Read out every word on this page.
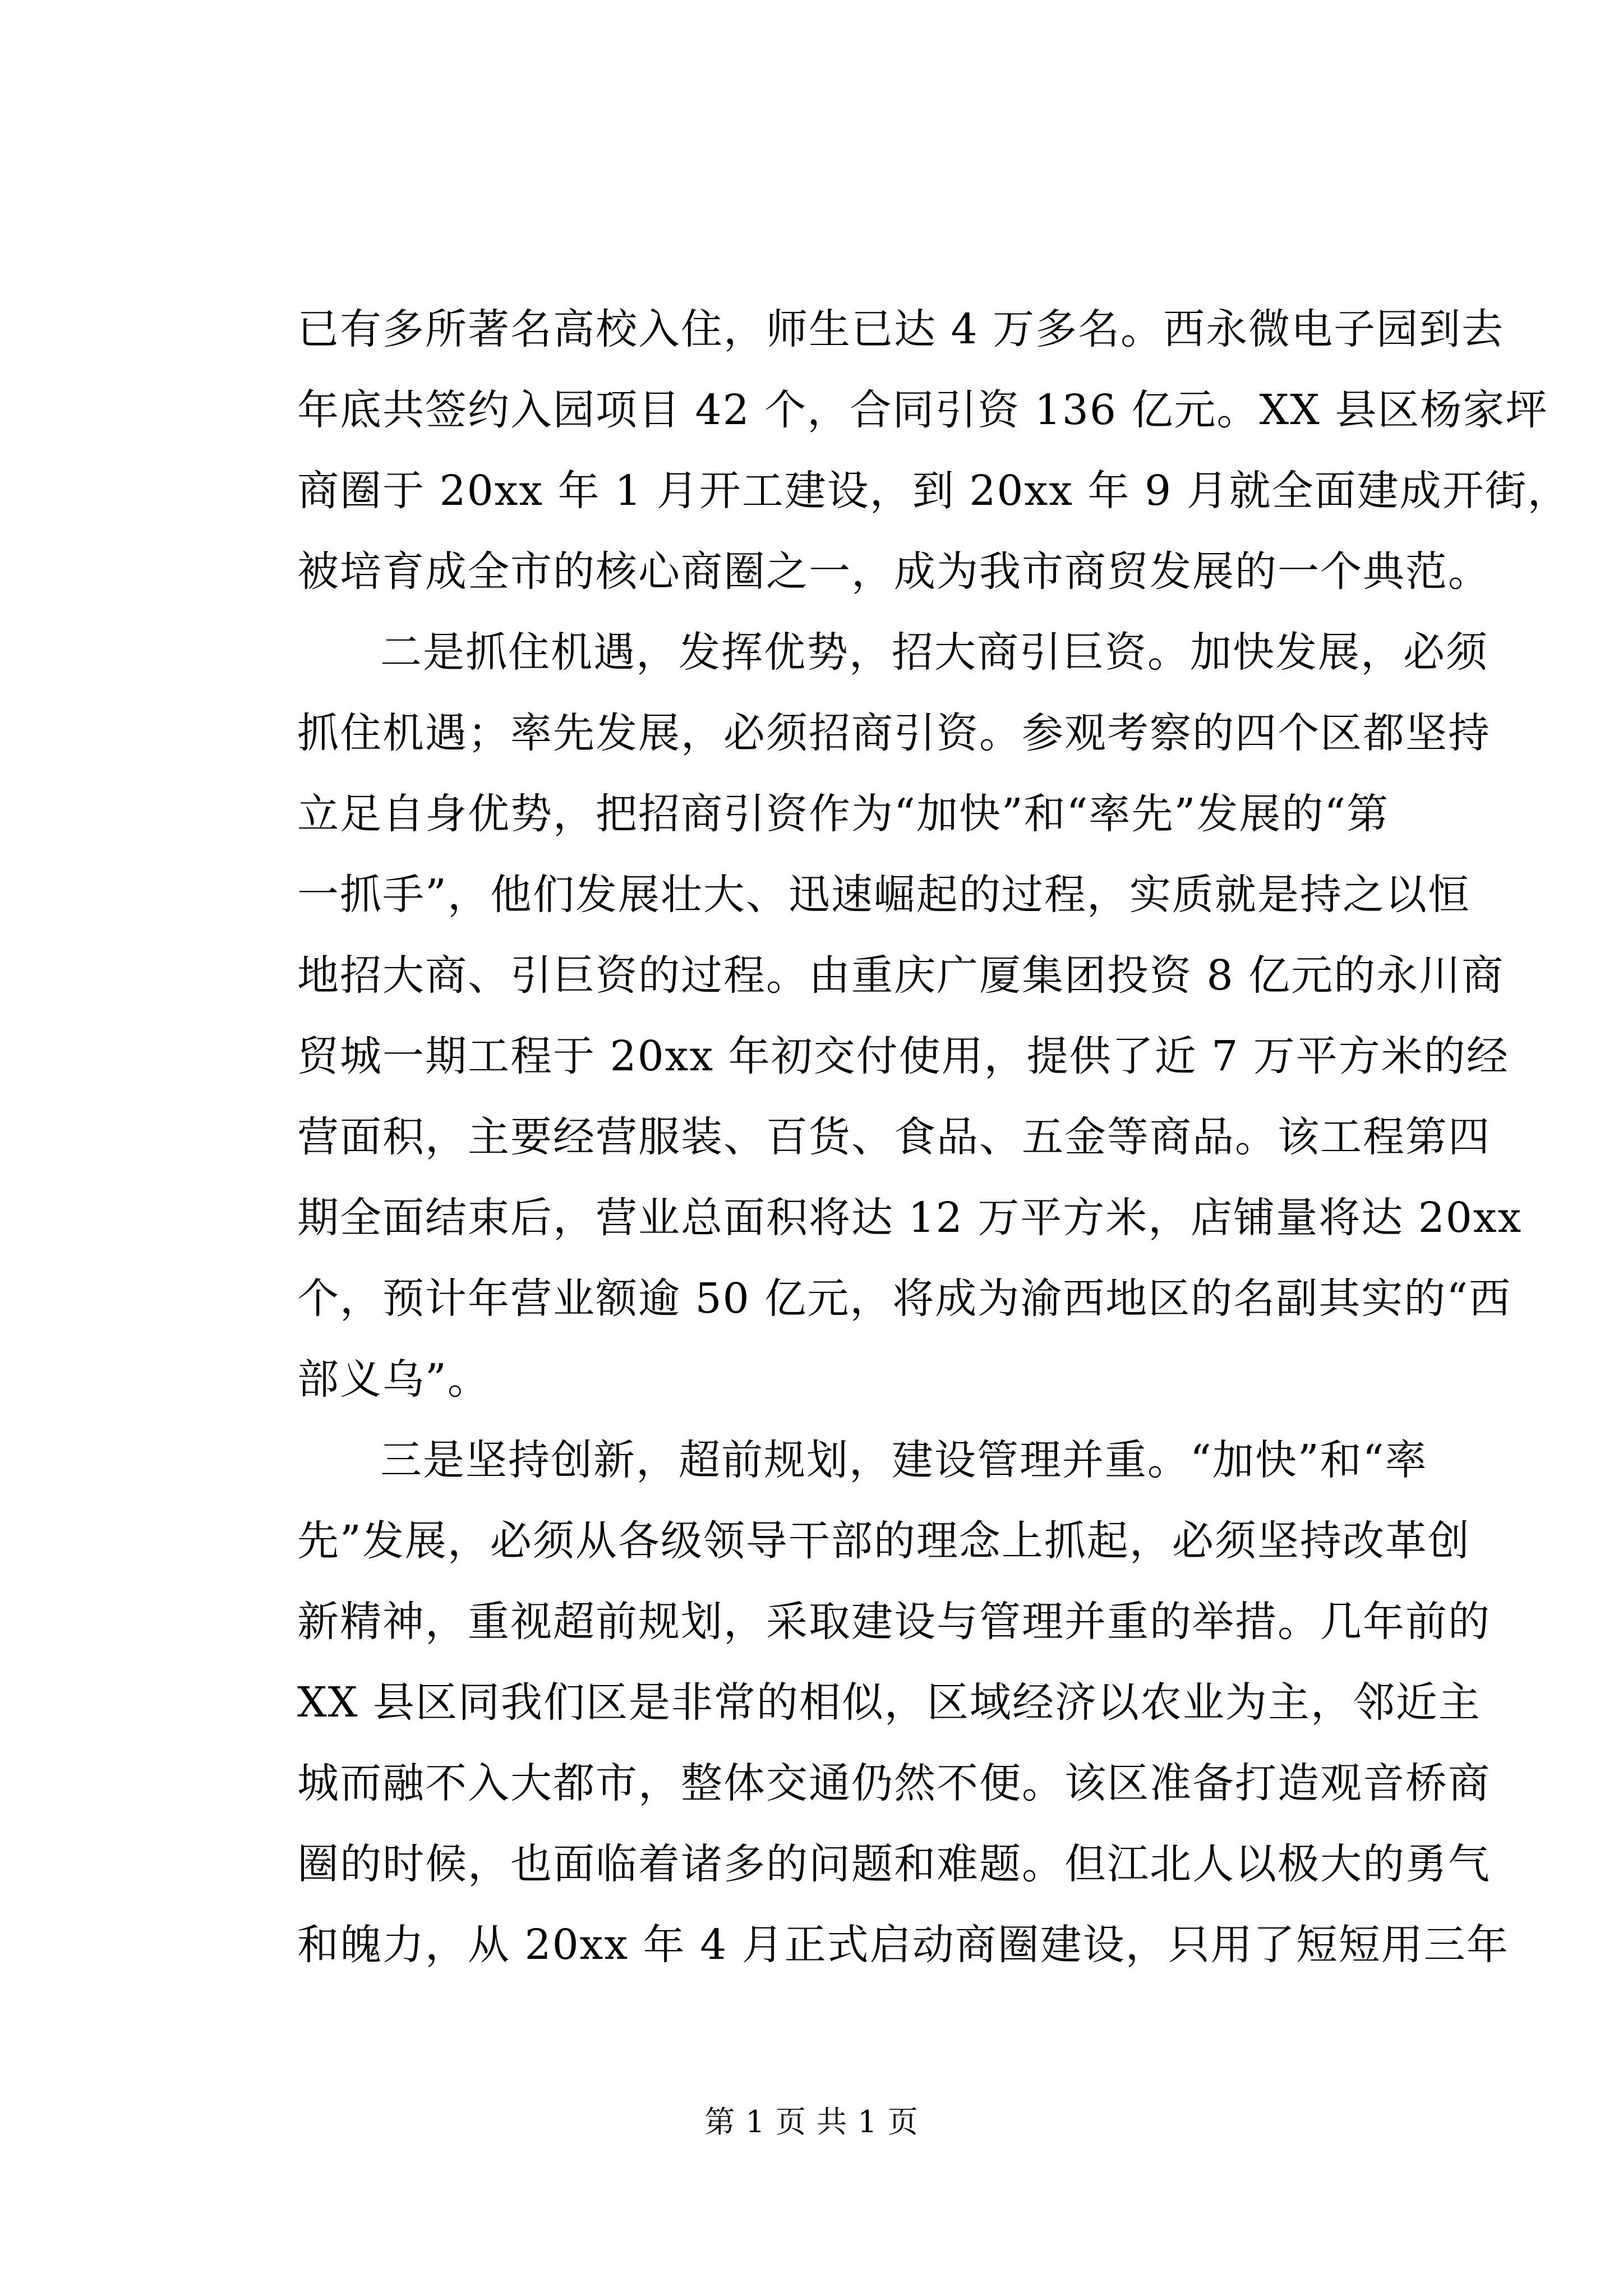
已有多所著名高校入住，师生已达 4 万多名。西永微电子园到去
年底共签约入园项目 42 个，合同引资 136 亿元。XX 县区杨家坪
商圈于 20xx 年 1 月开工建设，到 20xx 年 9 月就全面建成开街，
被培育成全市的核心商圈之一，成为我市商贸发展的一个典范。
二是抓住机遇，发挥优势，招大商引巨资。加快发展，必须
抓住机遇；率先发展，必须招商引资。参观考察的四个区都坚持
立足自身优势，把招商引资作为“加快”和“率先”发展的“第
一抓手”，他们发展壮大、迅速崛起的过程，实质就是持之以恒
地招大商、引巨资的过程。由重庆广厦集团投资 8 亿元的永川商
贸城一期工程于 20xx 年初交付使用，提供了近 7 万平方米的经
营面积，主要经营服装、百货、食品、五金等商品。该工程第四
期全面结束后，营业总面积将达 12 万平方米，店铺量将达 20xx
个，预计年营业额逾 50 亿元，将成为渝西地区的名副其实的“西
部义乌”。
三是坚持创新，超前规划，建设管理并重。“加快”和“率
先”发展，必须从各级领导干部的理念上抓起，必须坚持改革创
新精神，重视超前规划，采取建设与管理并重的举措。几年前的
XX 县区同我们区是非常的相似，区域经济以农业为主，邻近主
城而融不入大都市，整体交通仍然不便。该区准备打造观音桥商
圈的时候，也面临着诸多的问题和难题。但江北人以极大的勇气
和魄力，从 20xx 年 4 月正式启动商圈建设，只用了短短用三年
第 1 页 共 1 页
